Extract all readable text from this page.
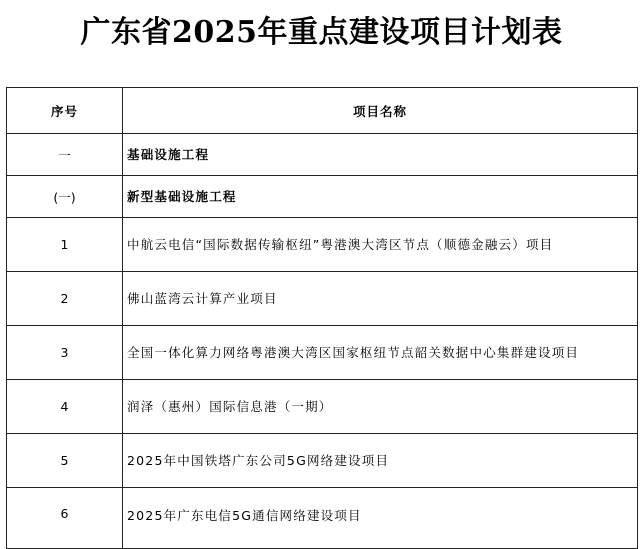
广东省2025年重点建设项目计划表
序号	项目名称
一	基础设施工程
(一)	新型基础设施工程
1	中航云电信“国际数据传输枢纽”粤港澳大湾区节点（顺德金融云）项目
2	佛山蓝湾云计算产业项目
3	全国一体化算力网络粤港澳大湾区国家枢纽节点韶关数据中心集群建设项目
4	润泽（惠州）国际信息港（一期）
5	2025年中国铁塔广东公司5G网络建设项目

6	2025年广东电信5G通信网络建设项目
